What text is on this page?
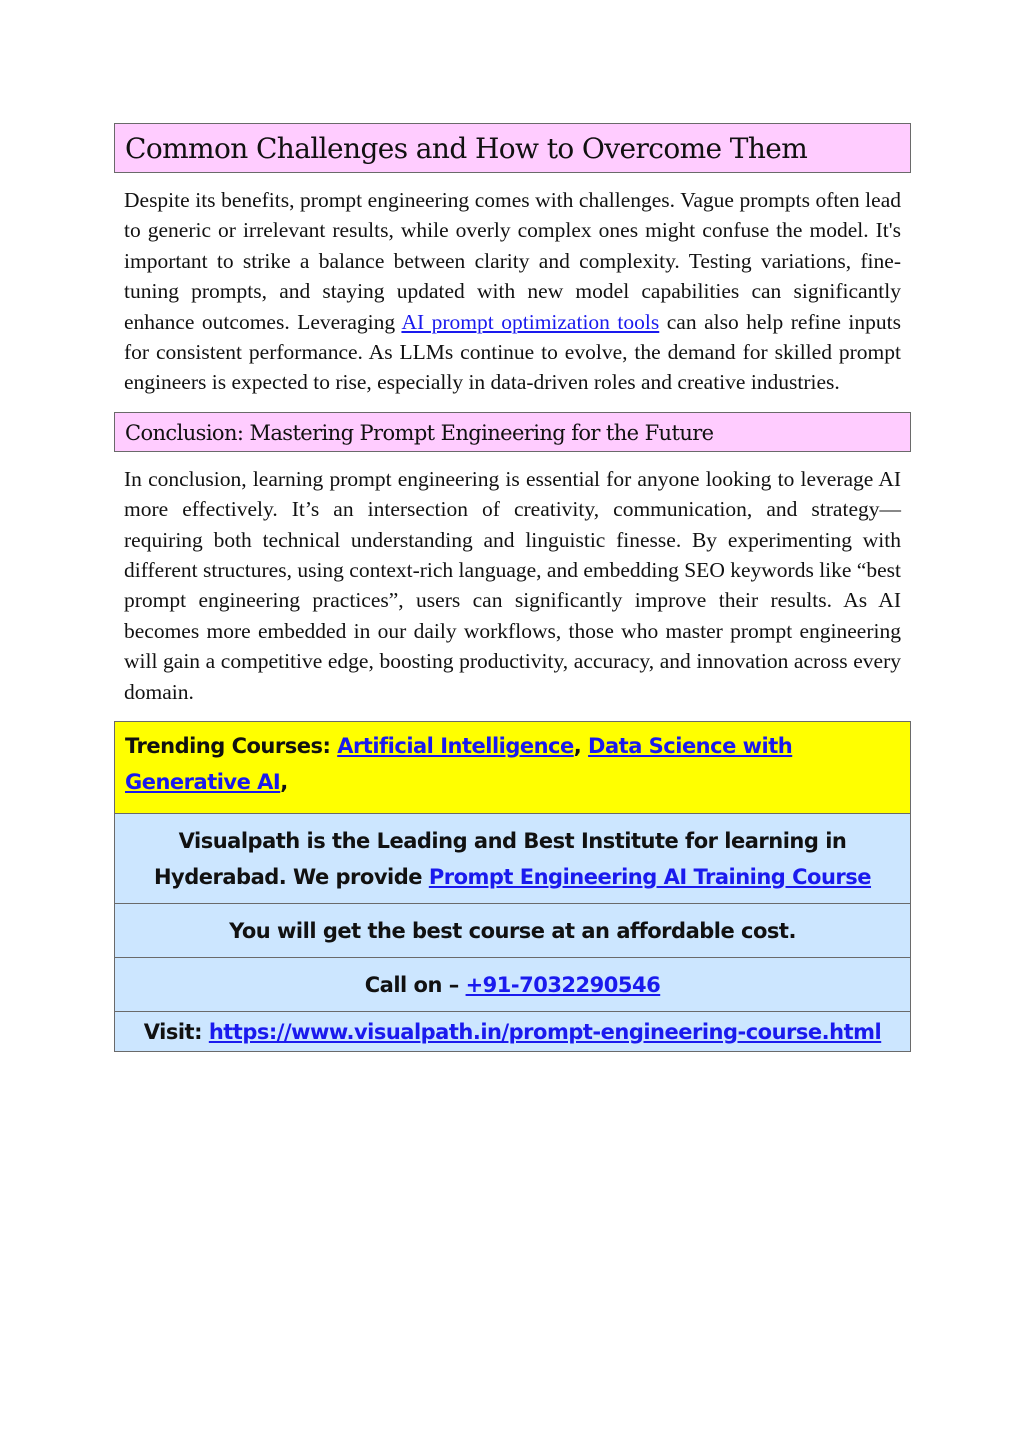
Common Challenges and How to Overcome Them

Despite its benefits, prompt engineering comes with challenges. Vague prompts often lead to generic or irrelevant results, while overly complex ones might confuse the model. It's important to strike a balance between clarity and complexity. Testing variations, fine-tuning prompts, and staying updated with new model capabilities can significantly enhance outcomes. Leveraging AI prompt optimization tools can also help refine inputs for consistent performance. As LLMs continue to evolve, the demand for skilled prompt engineers is expected to rise, especially in data-driven roles and creative industries.

Conclusion: Mastering Prompt Engineering for the Future

In conclusion, learning prompt engineering is essential for anyone looking to leverage AI more effectively. It’s an intersection of creativity, communication, and strategy—requiring both technical understanding and linguistic finesse. By experimenting with different structures, using context-rich language, and embedding SEO keywords like “best prompt engineering practices”, users can significantly improve their results. As AI becomes more embedded in our daily workflows, those who master prompt engineering will gain a competitive edge, boosting productivity, accuracy, and innovation across every domain.

Trending Courses: Artificial Intelligence, Data Science with Generative AI,
Visualpath is the Leading and Best Institute for learning in Hyderabad. We provide Prompt Engineering AI Training Course
You will get the best course at an affordable cost.
Call on – +91-7032290546
Visit: https://www.visualpath.in/prompt-engineering-course.html
